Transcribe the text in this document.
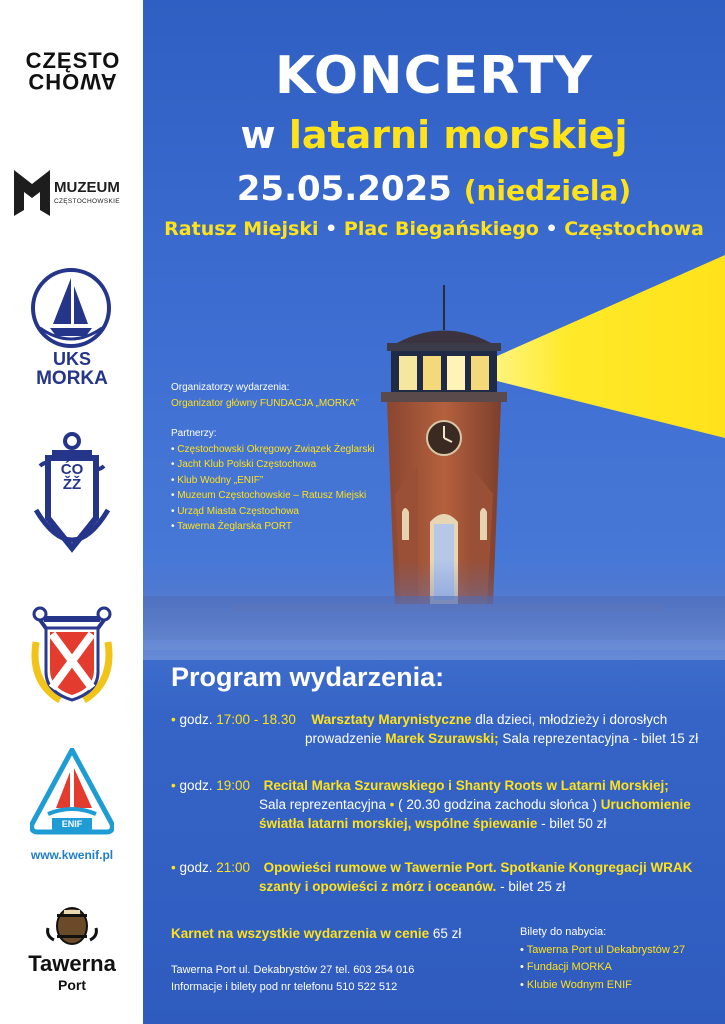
CZĘSTO
CHOWA
MUZEUM
CZĘSTOCHOWSKIE
UKS
MORKA
ĆOŽŽ
ENIF
www.kwenif.pl
Tawerna
Port
KONCERTY
w latarni morskiej
25.05.2025 (niedziela)
Ratusz Miejski • Plac Biegańskiego • Częstochowa
Organizatorzy wydarzenia:
Organizator główny FUNDACJA „MORKA”
Partnerzy:
• Częstochowski Okręgowy Związek Żeglarski
• Jacht Klub Polski Częstochowa
• Klub Wodny „ENIF”
• Muzeum Częstochowskie – Ratusz Miejski
• Urząd Miasta Częstochowa
• Tawerna Żeglarska PORT
Program wydarzenia:
• godz. 17:00 - 18.30 Warsztaty Marynistyczne dla dzieci, młodzieży i dorosłych
prowadzenie Marek Szurawski; Sala reprezentacyjna - bilet 15 zł
• godz. 19:00 Recital Marka Szurawskiego i Shanty Roots w Latarni Morskiej;
Sala reprezentacyjna • ( 20.30 godzina zachodu słońca ) Uruchomienie
światła latarni morskiej, wspólne śpiewanie - bilet 50 zł
• godz. 21:00 Opowieści rumowe w Tawernie Port. Spotkanie Kongregacji WRAK
szanty i opowieści z mórz i oceanów. - bilet 25 zł
Karnet na wszystkie wydarzenia w cenie 65 zł
Tawerna Port ul. Dekabrystów 27 tel. 603 254 016
Informacje i bilety pod nr telefonu 510 522 512
Bilety do nabycia:
• Tawerna Port ul Dekabrystów 27
• Fundacji MORKA
• Klubie Wodnym ENIF
